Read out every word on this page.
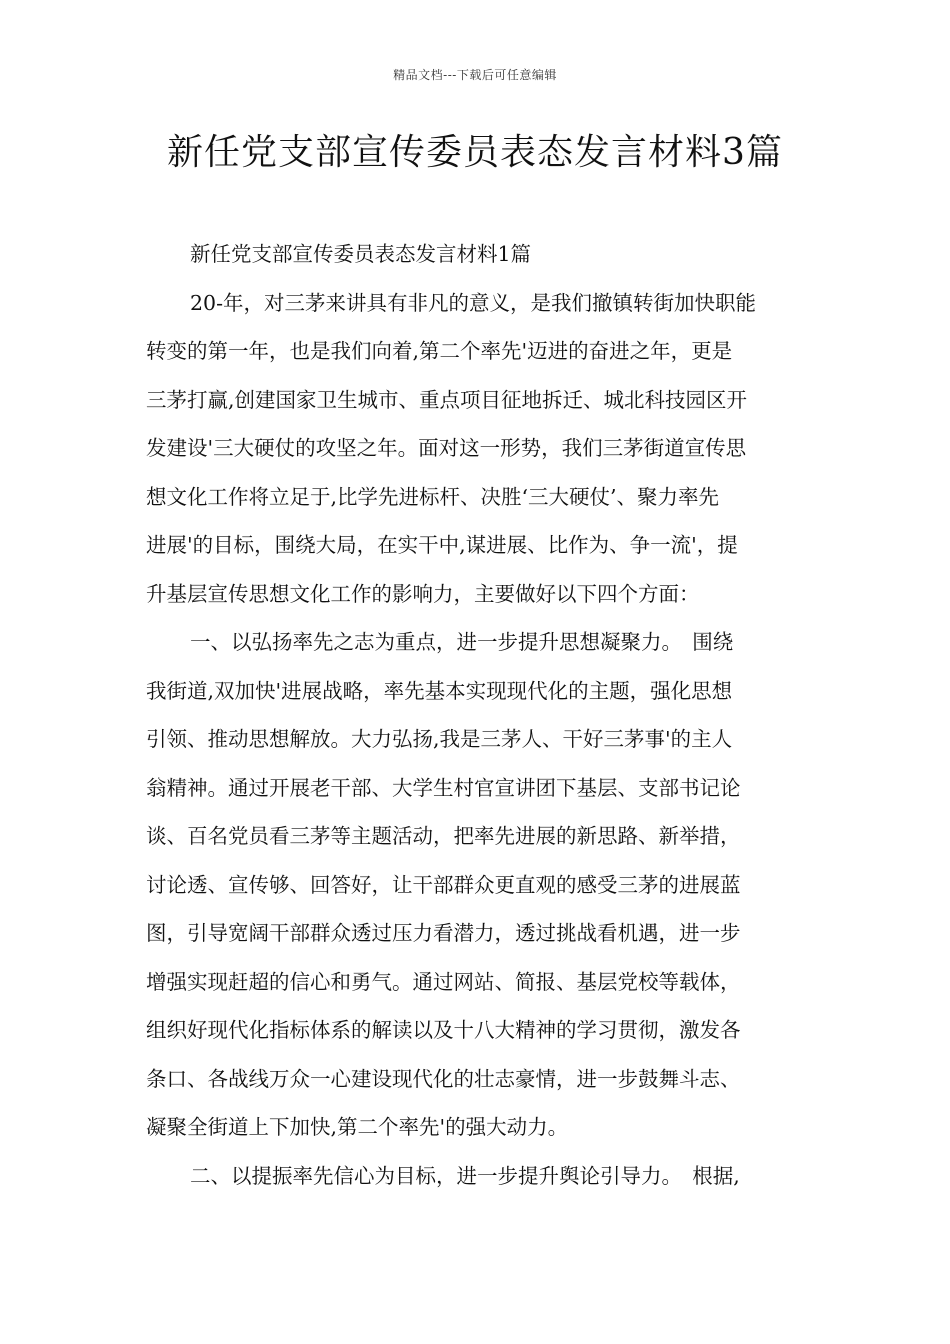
精品文档---下载后可任意编辑
新任党支部宣传委员表态发言材料3篇
新任党支部宣传委员表态发言材料1篇
20-年，对三茅来讲具有非凡的意义，是我们撤镇转街加快职能
转变的第一年，也是我们向着,第二个率先'迈进的奋进之年，更是
三茅打赢,创建国家卫生城市、重点项目征地拆迁、城北科技园区开
发建设'三大硬仗的攻坚之年。面对这一形势，我们三茅街道宣传思
想文化工作将立足于,比学先进标杆、决胜‘三大硬仗’、聚力率先
进展'的目标，围绕大局，在实干中,谋进展、比作为、争一流'，提
升基层宣传思想文化工作的影响力，主要做好以下四个方面：
一、以弘扬率先之志为重点，进一步提升思想凝聚力。　围绕
我街道,双加快'进展战略，率先基本实现现代化的主题，强化思想
引领、推动思想解放。大力弘扬,我是三茅人、干好三茅事'的主人
翁精神。通过开展老干部、大学生村官宣讲团下基层、支部书记论
谈、百名党员看三茅等主题活动，把率先进展的新思路、新举措，
讨论透、宣传够、回答好，让干部群众更直观的感受三茅的进展蓝
图，引导宽阔干部群众透过压力看潜力，透过挑战看机遇，进一步
增强实现赶超的信心和勇气。通过网站、简报、基层党校等载体，
组织好现代化指标体系的解读以及十八大精神的学习贯彻，激发各
条口、各战线万众一心建设现代化的壮志豪情，进一步鼓舞斗志、
凝聚全街道上下加快,第二个率先'的强大动力。
二、以提振率先信心为目标，进一步提升舆论引导力。　根据,
